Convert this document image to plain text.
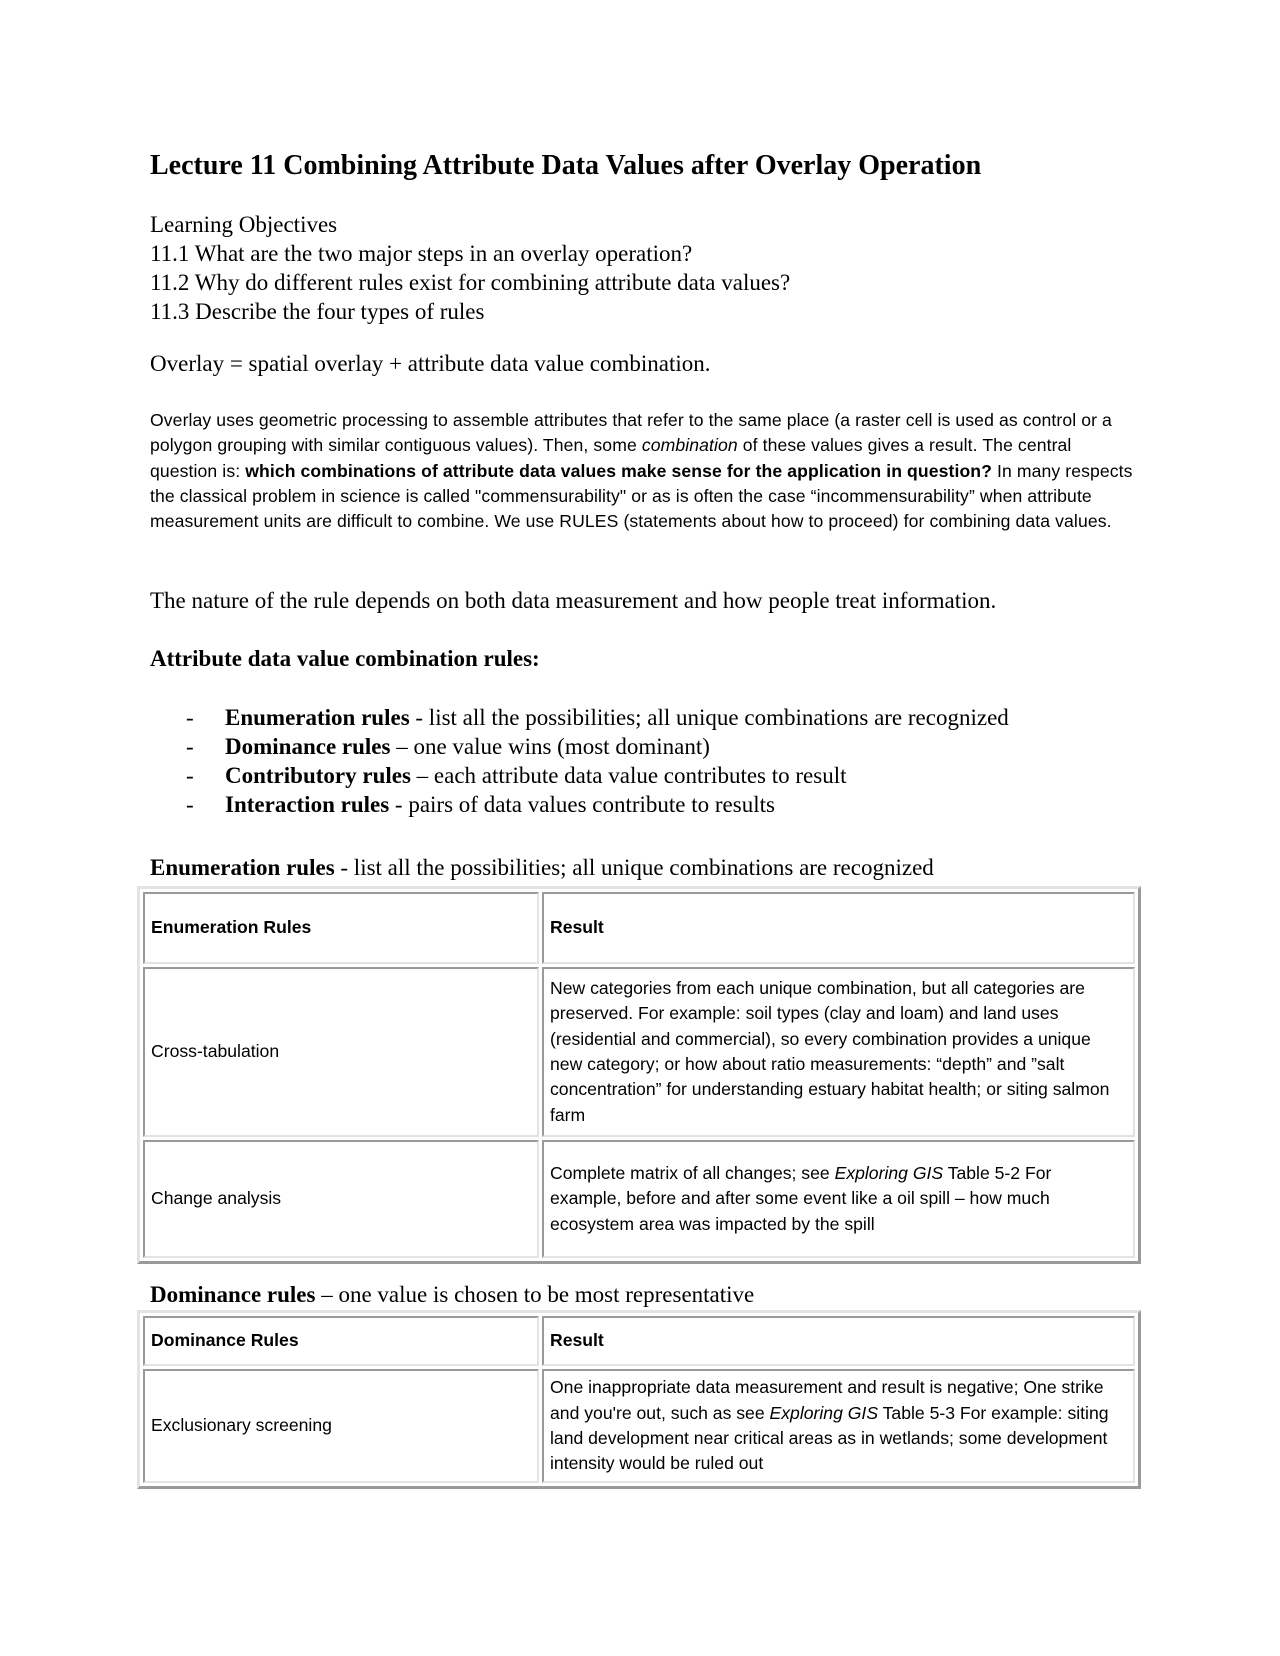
Lecture 11 Combining Attribute Data Values after Overlay Operation
Learning Objectives
11.1 What are the two major steps in an overlay operation?
11.2 Why do different rules exist for combining attribute data values?
11.3 Describe the four types of rules
Overlay = spatial overlay + attribute data value combination.
Overlay uses geometric processing to assemble attributes that refer to the same place (a raster cell is used as control or a polygon grouping with similar contiguous values). Then, some combination of these values gives a result. The central question is: which combinations of attribute data values make sense for the application in question? In many respects the classical problem in science is called "commensurability" or as is often the case “incommensurability” when attribute measurement units are difficult to combine. We use RULES (statements about how to proceed) for combining data values.
The nature of the rule depends on both data measurement and how people treat information.
Attribute data value combination rules:
- Enumeration rules - list all the possibilities; all unique combinations are recognized
- Dominance rules – one value wins (most dominant)
- Contributory rules – each attribute data value contributes to result
- Interaction rules - pairs of data values contribute to results
Enumeration rules - list all the possibilities; all unique combinations are recognized
Enumeration Rules	Result
Cross-tabulation	New categories from each unique combination, but all categories are preserved. For example: soil types (clay and loam) and land uses (residential and commercial), so every combination provides a unique new category; or how about ratio measurements: “depth” and ”salt concentration” for understanding estuary habitat health; or siting salmon farm
Change analysis	Complete matrix of all changes; see Exploring GIS Table 5-2 For example, before and after some event like a oil spill – how much ecosystem area was impacted by the spill
Dominance rules – one value is chosen to be most representative
Dominance Rules	Result
Exclusionary screening	One inappropriate data measurement and result is negative; One strike and you're out, such as see Exploring GIS Table 5-3 For example: siting land development near critical areas as in wetlands; some development intensity would be ruled out
